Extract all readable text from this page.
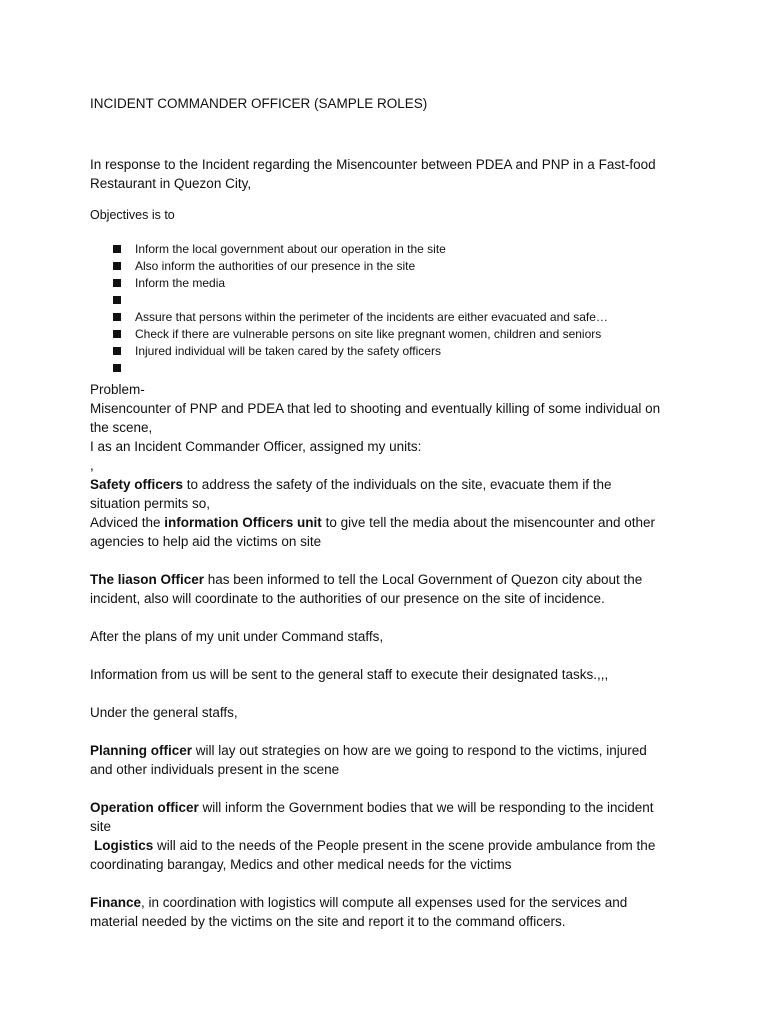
INCIDENT COMMANDER OFFICER (SAMPLE ROLES)
In response to the Incident regarding the Misencounter between PDEA and PNP in a Fast-food
Restaurant in Quezon City,
Objectives is to
Inform the local government about our operation in the site
Also inform the authorities of our presence in the site
Inform the media
Assure that persons within the perimeter of the incidents are either evacuated and safe…
Check if there are vulnerable persons on site like pregnant women, children and seniors
Injured individual will be taken cared by the safety officers
Problem-
Misencounter of PNP and PDEA that led to shooting and eventually killing of some individual on
the scene,
I as an Incident Commander Officer, assigned my units:
,
Safety officers to address the safety of the individuals on the site, evacuate them if the
situation permits so,
Adviced the information Officers unit to give tell the media about the misencounter and other
agencies to help aid the victims on site
The liason Officer has been informed to tell the Local Government of Quezon city about the
incident, also will coordinate to the authorities of our presence on the site of incidence.
After the plans of my unit under Command staffs,
Information from us will be sent to the general staff to execute their designated tasks.,,,
Under the general staffs,
Planning officer will lay out strategies on how are we going to respond to the victims, injured
and other individuals present in the scene
Operation officer will inform the Government bodies that we will be responding to the incident
site
Logistics will aid to the needs of the People present in the scene provide ambulance from the
coordinating barangay, Medics and other medical needs for the victims
Finance, in coordination with logistics will compute all expenses used for the services and
material needed by the victims on the site and report it to the command officers.
